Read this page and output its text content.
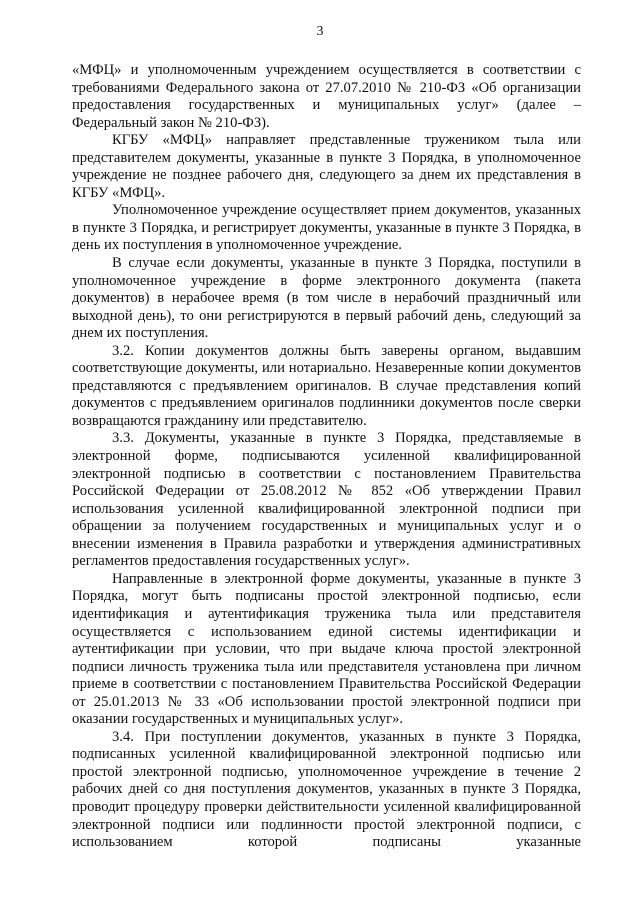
3

«МФЦ» и уполномоченным учреждением осуществляется в соответствии с требованиями Федерального закона от 27.07.2010 № 210-ФЗ «Об организации предоставления государственных и муниципальных услуг» (далее – Федеральный закон № 210-ФЗ).

КГБУ «МФЦ» направляет представленные тружеником тыла или представителем документы, указанные в пункте 3 Порядка, в уполномоченное учреждение не позднее рабочего дня, следующего за днем их представления в КГБУ «МФЦ».

Уполномоченное учреждение осуществляет прием документов, указанных в пункте 3 Порядка, и регистрирует документы, указанные в пункте 3 Порядка, в день их поступления в уполномоченное учреждение.

В случае если документы, указанные в пункте 3 Порядка, поступили в уполномоченное учреждение в форме электронного документа (пакета документов) в нерабочее время (в том числе в нерабочий праздничный или выходной день), то они регистрируются в первый рабочий день, следующий за днем их поступления.

3.2. Копии документов должны быть заверены органом, выдавшим соответствующие документы, или нотариально. Незаверенные копии документов представляются с предъявлением оригиналов. В случае представления копий документов с предъявлением оригиналов подлинники документов после сверки возвращаются гражданину или представителю.

3.3. Документы, указанные в пункте 3 Порядка, представляемые в электронной форме, подписываются усиленной квалифицированной электронной подписью в соответствии с постановлением Правительства Российской Федерации от 25.08.2012 № 852 «Об утверждении Правил использования усиленной квалифицированной электронной подписи при обращении за получением государственных и муниципальных услуг и о внесении изменения в Правила разработки и утверждения административных регламентов предоставления государственных услуг».

Направленные в электронной форме документы, указанные в пункте 3 Порядка, могут быть подписаны простой электронной подписью, если идентификация и аутентификация труженика тыла или представителя осуществляется с использованием единой системы идентификации и аутентификации при условии, что при выдаче ключа простой электронной подписи личность труженика тыла или представителя установлена при личном приеме в соответствии с постановлением Правительства Российской Федерации от 25.01.2013 № 33 «Об использовании простой электронной подписи при оказании государственных и муниципальных услуг».

3.4. При поступлении документов, указанных в пункте 3 Порядка, подписанных усиленной квалифицированной электронной подписью или простой электронной подписью, уполномоченное учреждение в течение 2 рабочих дней со дня поступления документов, указанных в пункте 3 Порядка, проводит процедуру проверки действительности усиленной квалифицированной электронной подписи или подлинности простой электронной подписи, с использованием которой подписаны указанные
